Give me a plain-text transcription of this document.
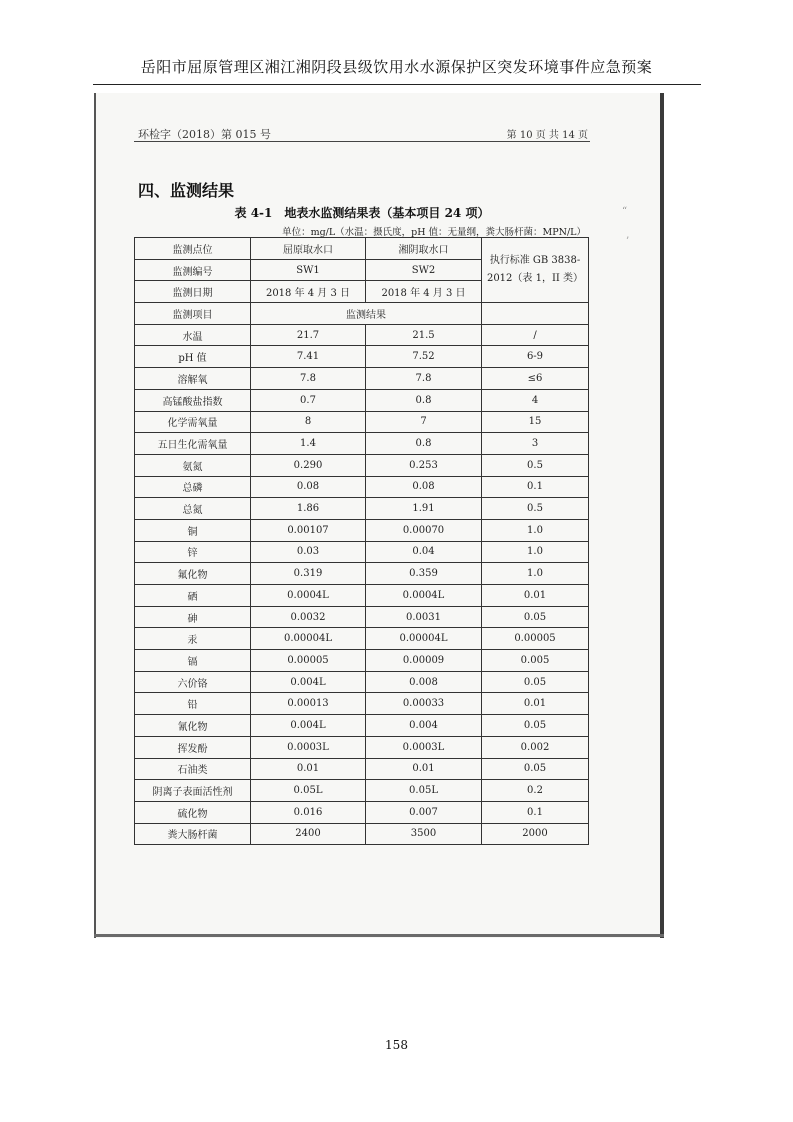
岳阳市屈原管理区湘江湘阴段县级饮用水水源保护区突发环境事件应急预案
环检字（2018）第 015 号	第 10 页 共 14 页
四、监测结果
表 4-1　地表水监测结果表（基本项目 24 项）
单位：mg/L（水温：摄氏度，pH 值：无量纲，粪大肠杆菌：MPN/L）
“
’
监测点位	屈原取水口	湘阴取水口	执行标准 GB 3838-2012（表 1，II 类）
监测编号	SW1	SW2	
监测日期	2018 年 4 月 3 日	2018 年 4 月 3 日	
监测项目	监测结果		
水温	21.7	21.5	/
pH 值	7.41	7.52	6-9
溶解氧	7.8	7.8	≤6
高锰酸盐指数	0.7	0.8	4
化学需氧量	8	7	15
五日生化需氧量	1.4	0.8	3
氨氮	0.290	0.253	0.5
总磷	0.08	0.08	0.1
总氮	1.86	1.91	0.5
铜	0.00107	0.00070	1.0
锌	0.03	0.04	1.0
氟化物	0.319	0.359	1.0
硒	0.0004L	0.0004L	0.01
砷	0.0032	0.0031	0.05
汞	0.00004L	0.00004L	0.00005
镉	0.00005	0.00009	0.005
六价铬	0.004L	0.008	0.05
铅	0.00013	0.00033	0.01
氰化物	0.004L	0.004	0.05
挥发酚	0.0003L	0.0003L	0.002
石油类	0.01	0.01	0.05
阴离子表面活性剂	0.05L	0.05L	0.2
硫化物	0.016	0.007	0.1
粪大肠杆菌	2400	3500	2000
158
